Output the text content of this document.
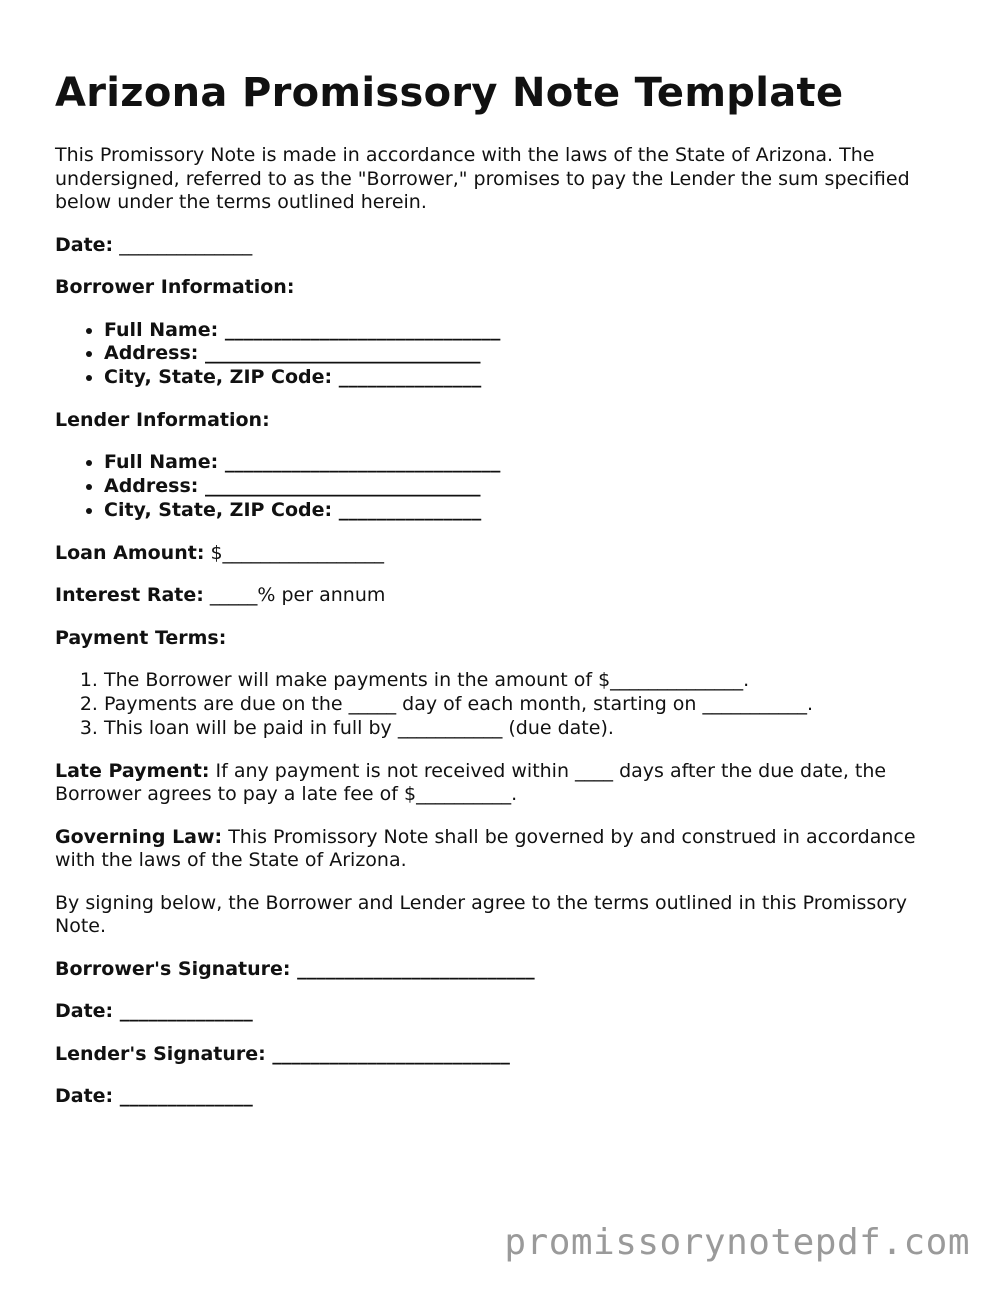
Arizona Promissory Note Template

This Promissory Note is made in accordance with the laws of the State of Arizona. The undersigned, referred to as the "Borrower," promises to pay the Lender the sum specified below under the terms outlined herein.

Date: ______________

Borrower Information:

• Full Name: _____________________________
• Address: _____________________________
• City, State, ZIP Code: _______________

Lender Information:

• Full Name: _____________________________
• Address: _____________________________
• City, State, ZIP Code: _______________

Loan Amount: $_________________

Interest Rate: _____% per annum

Payment Terms:

1. The Borrower will make payments in the amount of $______________.
2. Payments are due on the _____ day of each month, starting on ___________.
3. This loan will be paid in full by ___________ (due date).

Late Payment: If any payment is not received within ____ days after the due date, the Borrower agrees to pay a late fee of $__________.

Governing Law: This Promissory Note shall be governed by and construed in accordance with the laws of the State of Arizona.

By signing below, the Borrower and Lender agree to the terms outlined in this Promissory Note.

Borrower's Signature: _________________________

Date: ______________

Lender's Signature: _________________________

Date: ______________

promissorynotepdf.com
